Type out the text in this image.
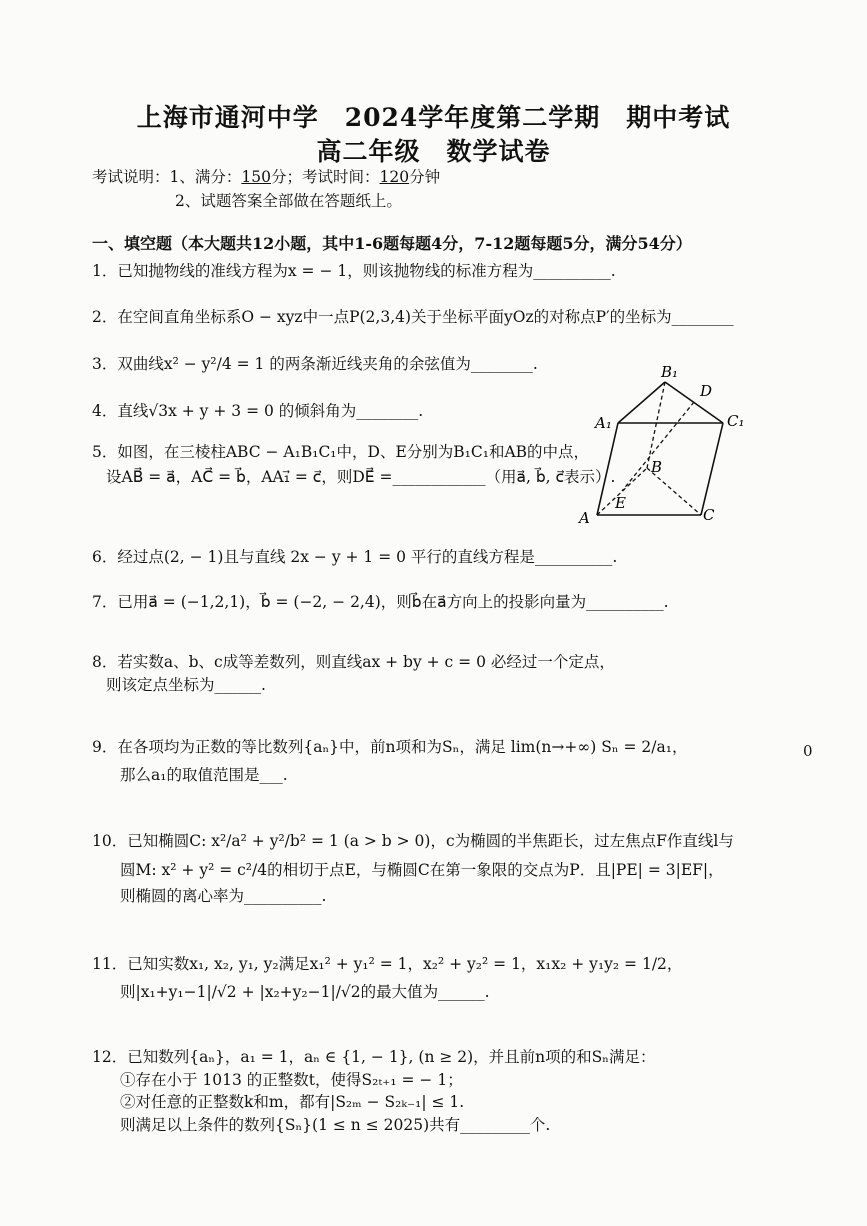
上海市通河中学　2024学年度第二学期　期中考试
高二年级　数学试卷
考试说明：1、满分：150分；考试时间：120分钟
2、试题答案全部做在答题纸上。
一、填空题（本大题共12小题，其中1-6题每题4分，7-12题每题5分，满分54分）
1．已知抛物线的准线方程为x = − 1，则该抛物线的标准方程为__________.
2．在空间直角坐标系O − xyz中一点P(2,3,4)关于坐标平面yOz的对称点P′的坐标为________
3．双曲线x² − y²/4 = 1 的两条渐近线夹角的余弦值为________.
4．直线√3x + y + 3 = 0 的倾斜角为________.
5．如图，在三棱柱ABC − A₁B₁C₁中，D、E分别为B₁C₁和AB的中点，
设AB⃗ = a⃗，AC⃗ = b⃗，AA₁⃗ = c⃗，则DE⃗ =____________（用a⃗, b⃗, c⃗表示）.
6．经过点(2, − 1)且与直线 2x − y + 1 = 0 平行的直线方程是__________.
7．已用a⃗ = (−1,2,1)，b⃗ = (−2, − 2,4)，则b⃗在a⃗方向上的投影向量为__________.
8．若实数a、b、c成等差数列，则直线ax + by + c = 0 必经过一个定点，
则该定点坐标为______.
9．在各项均为正数的等比数列{aₙ}中，前n项和为Sₙ，满足 lim(n→+∞) Sₙ = 2/a₁，
那么a₁的取值范围是___.
10．已知椭圆C: x²/a² + y²/b² = 1 (a > b > 0)，c为椭圆的半焦距长，过左焦点F作直线l与
圆M: x² + y² = c²/4的相切于点E，与椭圆C在第一象限的交点为P．且|PE| = 3|EF|，
则椭圆的离心率为__________.
11．已知实数x₁, x₂, y₁, y₂满足x₁² + y₁² = 1，x₂² + y₂² = 1，x₁x₂ + y₁y₂ = 1/2，
则|x₁+y₁−1|/√2 + |x₂+y₂−1|/√2的最大值为______.
12．已知数列{aₙ}，a₁ = 1，aₙ ∈ {1, − 1}, (n ≥ 2)，并且前n项的和Sₙ满足：
①存在小于 1013 的正整数t，使得S₂ₜ₊₁ = − 1；
②对任意的正整数k和m，都有|S₂ₘ − S₂ₖ₋₁| ≤ 1.
则满足以上条件的数列{Sₙ}(1 ≤ n ≤ 2025)共有_________个.
0
B₁
D
A₁	C₁
B
E
A	C
